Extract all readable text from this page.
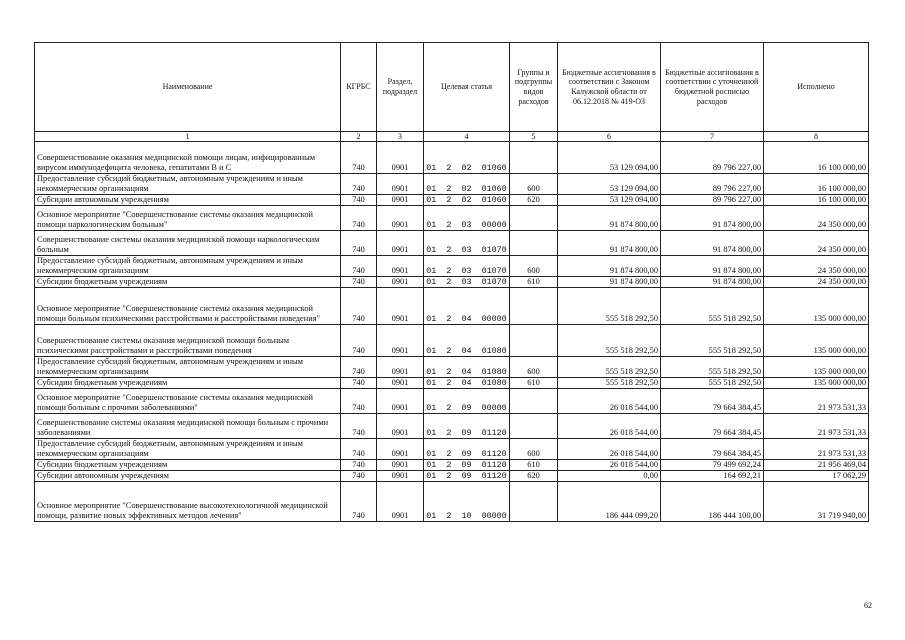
Наименование	КГРБС	Раздел, подраздел	Целевая статья	Группы и подгруппы видов расходов	Бюджетные ассигнования в соответствии с Законом Калужской области от 06.12.2018 № 419-ОЗ	Бюджетные ассигнования в соответствии с уточненной бюджетной росписью расходов	Исполнено
1	2	3	4	5	6	7	8
Совершенствование оказания медицинской помощи лицам, инфицированным вирусом иммунодефицита человека, гепатитами В и С	740	0901	01  2  02  01060		53 129 094,00	89 796 227,00	16 100 000,00
Предоставление субсидий бюджетным, автономным учреждениям и иным некоммерческим организациям	740	0901	01  2  02  01060	600	53 129 094,00	89 796 227,00	16 100 000,00
Субсидии автономным учреждениям	740	0901	01  2  02  01060	620	53 129 094,00	89 796 227,00	16 100 000,00
Основное мероприятие "Совершенствование системы оказания медицинской помощи наркологическим больным"	740	0901	01  2  03  00000		91 874 800,00	91 874 800,00	24 350 000,00
Совершенствование системы оказания медицинской помощи наркологическим больным	740	0901	01  2  03  01070		91 874 800,00	91 874 800,00	24 350 000,00
Предоставление субсидий бюджетным, автономным учреждениям и иным некоммерческим организациям	740	0901	01  2  03  01070	600	91 874 800,00	91 874 800,00	24 350 000,00
Субсидии бюджетным учреждениям	740	0901	01  2  03  01070	610	91 874 800,00	91 874 800,00	24 350 000,00
Основное мероприятие "Совершенствование системы оказания медицинской помощи больным психическими расстройствами и расстройствами поведения"	740	0901	01  2  04  00000		555 518 292,50	555 518 292,50	135 000 000,00
Совершенствование системы оказания медицинской помощи больным психическими расстройствами и расстройствами поведения	740	0901	01  2  04  01080		555 518 292,50	555 518 292,50	135 000 000,00
Предоставление субсидий бюджетным, автономным учреждениям и иным некоммерческим организациям	740	0901	01  2  04  01080	600	555 518 292,50	555 518 292,50	135 000 000,00
Субсидии бюджетным учреждениям	740	0901	01  2  04  01080	610	555 518 292,50	555 518 292,50	135 000 000,00
Основное мероприятие "Совершенствование системы оказания медицинской помощи больным с прочими заболеваниями"	740	0901	01  2  09  00000		26 018 544,00	79 664 384,45	21 973 531,33
Совершенствование системы оказания медицинской помощи больным с прочими заболеваниями	740	0901	01  2  09  01120		26 018 544,00	79 664 384,45	21 973 531,33
Предоставление субсидий бюджетным, автономным учреждениям и иным некоммерческим организациям	740	0901	01  2  09  01120	600	26 018 544,00	79 664 384,45	21 973 531,33
Субсидии бюджетным учреждениям	740	0901	01  2  09  01120	610	26 018 544,00	79 499 692,24	21 956 469,04
Субсидии автономным учреждениям	740	0901	01  2  09  01120	620	0,00	164 692,21	17 062,29
Основное мероприятие "Совершенствование высокотехнологичной медицинской помощи, развитие новых эффективных методов лечения"	740	0901	01  2  10  00000		186 444 099,20	186 444 100,00	31 719 940,00
62
